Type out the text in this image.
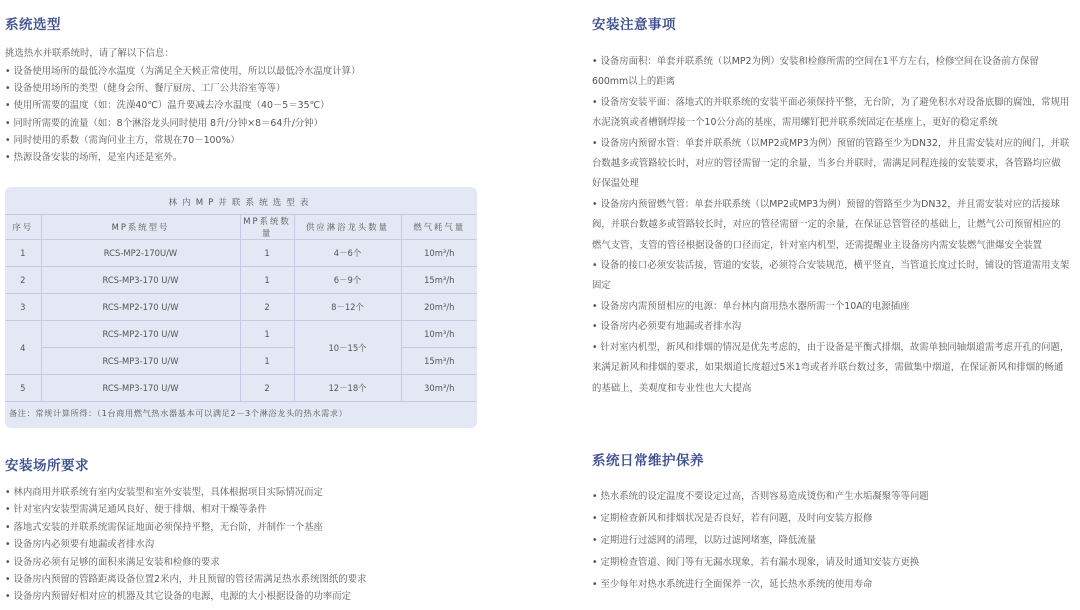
系统选型
挑选热水并联系统时，请了解以下信息：
• 设备使用场所的最低冷水温度（为满足全天候正常使用，所以以最低冷水温度计算）
• 设备使用场所的类型（健身会所、餐厅厨房、工厂公共浴室等等）
• 使用所需要的温度（如：洗澡40℃）温升要减去冷水温度（40－5＝35℃）
• 同时所需要的流量（如：8个淋浴龙头同时使用 8升/分钟×8＝64升/分钟）
• 同时使用的系数（需询问业主方，常规在70－100%）
• 热源设备安装的场所，是室内还是室外。
林内MP并联系统选型表
序号	MP系统型号	MP系统数量	供应淋浴龙头数量	燃气耗气量
1	RCS-MP2-170U/W	1	4－6个	10m³/h
2	RCS-MP3-170 U/W	1	6－9个	15m³/h
3	RCS-MP2-170 U/W	2	8－12个	20m³/h
4	RCS-MP2-170 U/W	1	10－15个	10m³/h
	RCS-MP3-170 U/W	1		15m³/h
5	RCS-MP3-170 U/W	2	12－18个	30m³/h
备注：常规计算所得：（1台商用燃气热水器基本可以满足2－3个淋浴龙头的热水需求）
安装场所要求
• 林内商用并联系统有室内安装型和室外安装型，具体根据项目实际情况而定
• 针对室内安装型需满足通风良好、便于排烟、相对干燥等条件
• 落地式安装的并联系统需保证地面必须保持平整，无台阶，并制作一个基座
• 设备房内必须要有地漏或者排水沟
• 设备房必须有足够的面积来满足安装和检修的要求
• 设备房内预留的管路距离设备位置2米内，并且预留的管径需满足热水系统图纸的要求
• 设备房内预留好相对应的机器及其它设备的电源，电源的大小根据设备的功率而定
安装注意事项
• 设备房面积：单套并联系统（以MP2为例）安装和检修所需的空间在1平方左右，检修空间在设备前方保留600mm以上的距离
• 设备房安装平面：落地式的并联系统的安装平面必须保持平整，无台阶，为了避免积水对设备底脚的腐蚀，常规用水泥浇筑或者槽钢焊接一个10公分高的基座，需用螺钉把并联系统固定在基座上，更好的稳定系统
• 设备房内预留水管：单套并联系统（以MP2或MP3为例）预留的管路至少为DN32，并且需安装对应的阀门，并联台数越多或管路较长时，对应的管径需留一定的余量，当多台并联时，需满足同程连接的安装要求，各管路均应做好保温处理
• 设备房内预留燃气管：单套并联系统（以MP2或MP3为例）预留的管路至少为DN32，并且需安装对应的活接球阀，并联台数越多或管路较长时，对应的管径需留一定的余量，在保证总管管径的基础上，让燃气公司预留相应的燃气支管，支管的管径根据设备的口径而定，针对室内机型，还需提醒业主设备房内需安装燃气泄爆安全装置
• 设备的接口必须安装活接，管道的安装，必须符合安装规范，横平竖直，当管道长度过长时，铺设的管道需用支架固定
• 设备房内需预留相应的电源：单台林内商用热水器所需一个10A的电源插座
• 设备房内必须要有地漏或者排水沟
• 针对室内机型，新风和排烟的情况是优先考虑的，由于设备是平衡式排烟，故需单独同轴烟道需考虑开孔的问题，来满足新风和排烟的要求，如果烟道长度超过5米1弯或者并联台数过多，需做集中烟道，在保证新风和排烟的畅通的基础上，美观度和专业性也大大提高
系统日常维护保养
• 热水系统的设定温度不要设定过高，否则容易造成烫伤和产生水垢凝聚等等问题
• 定期检查新风和排烟状况是否良好，若有问题，及时向安装方报修
• 定期进行过滤网的清理，以防过滤网堵塞，降低流量
• 定期检查管道、阀门等有无漏水现象，若有漏水现象，请及时通知安装方更换
• 至少每年对热水系统进行全面保养一次，延长热水系统的使用寿命
